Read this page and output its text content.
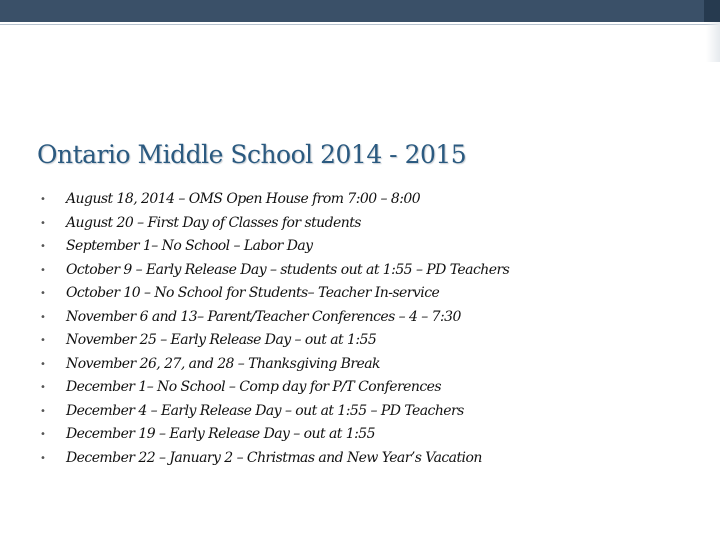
Ontario Middle School 2014 - 2015
•	August 18, 2014 – OMS Open House from 7:00 – 8:00
•	August 20 – First Day of Classes for students
•	September 1– No School – Labor Day
•	October 9 – Early Release Day – students out at 1:55 – PD Teachers
•	October 10 – No School for Students– Teacher In-service
•	November 6 and 13– Parent/Teacher Conferences – 4 – 7:30
•	November 25 – Early Release Day – out at 1:55
•	November 26, 27, and 28 – Thanksgiving Break
•	December 1– No School – Comp day for P/T Conferences
•	December 4 – Early Release Day – out at 1:55 – PD Teachers
•	December 19 – Early Release Day – out at 1:55
•	December 22 – January 2 – Christmas and New Year’s Vacation
